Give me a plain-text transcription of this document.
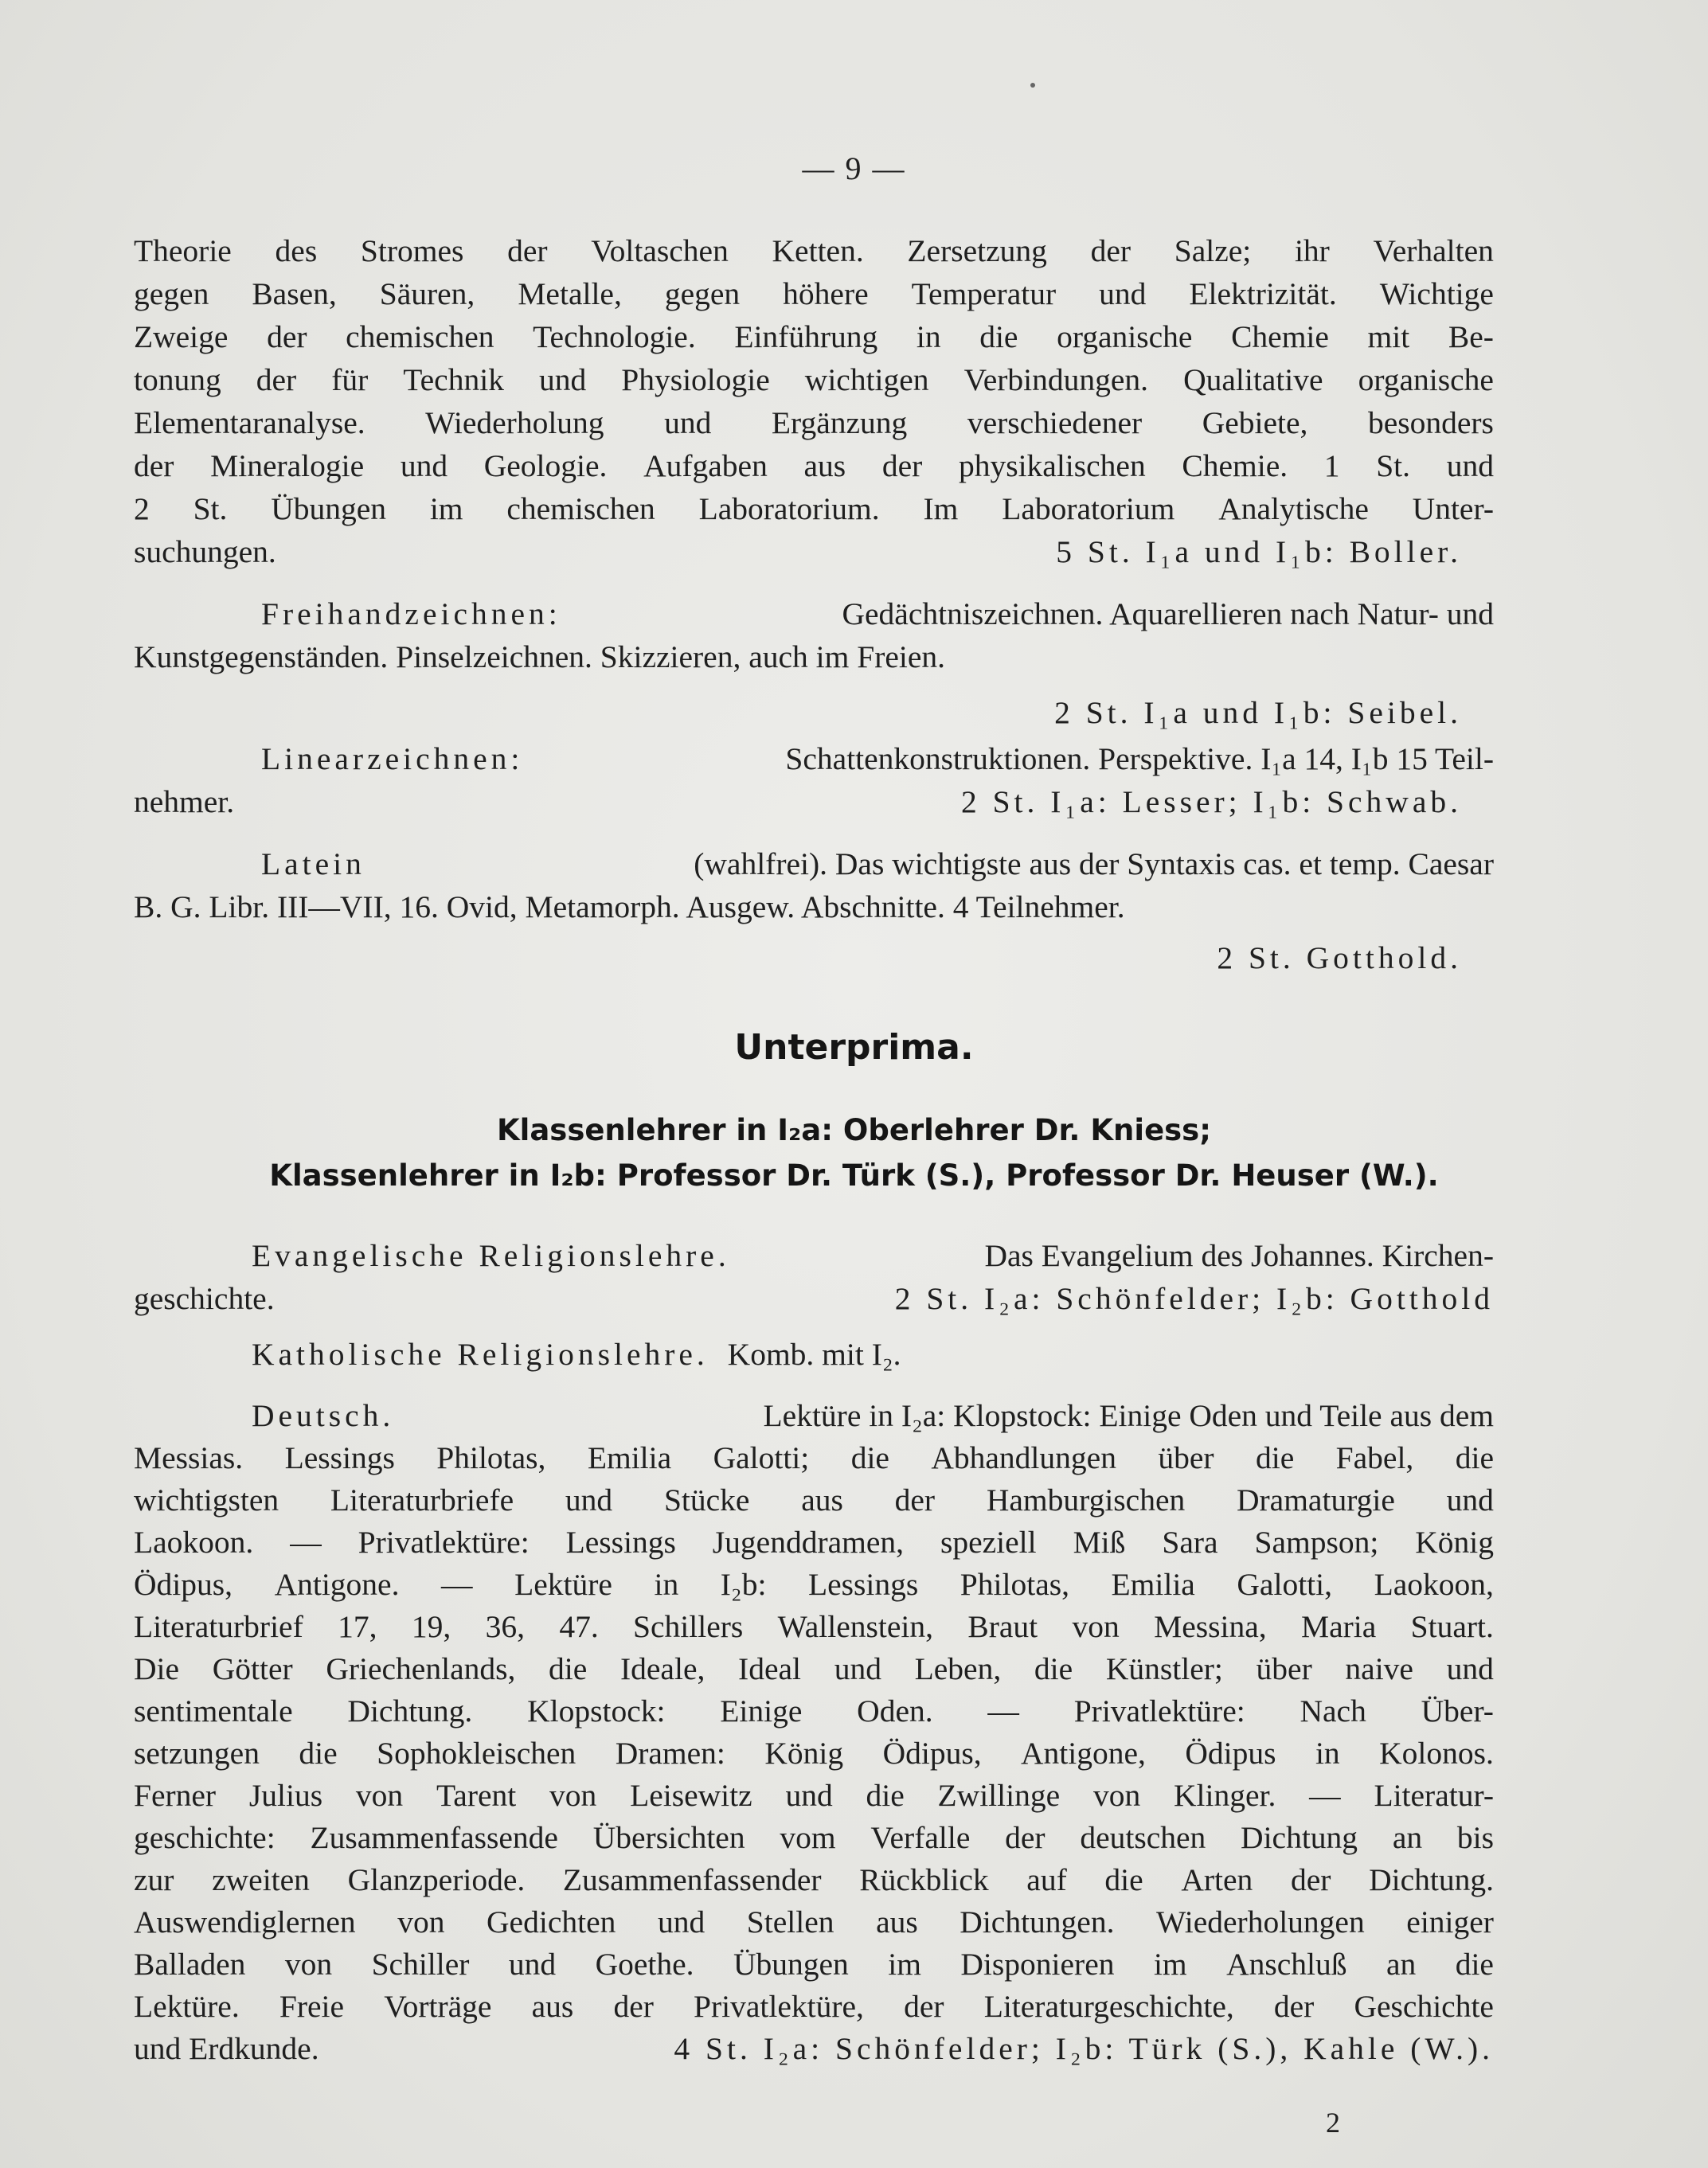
— 9 —
Theorie des Stromes der Voltaschen Ketten. Zersetzung der Salze; ihr Verhalten
gegen Basen, Säuren, Metalle, gegen höhere Temperatur und Elektrizität. Wichtige
Zweige der chemischen Technologie. Einführung in die organische Chemie mit Be-
tonung der für Technik und Physiologie wichtigen Verbindungen. Qualitative organische
Elementaranalyse. Wiederholung und Ergänzung verschiedener Gebiete, besonders
der Mineralogie und Geologie. Aufgaben aus der physikalischen Chemie. 1 St. und
2 St. Übungen im chemischen Laboratorium. Im Laboratorium Analytische Unter-
suchungen.	5 St. I₁a und I₁b: Boller.
Freihandzeichnen:	Gedächtniszeichnen. Aquarellieren nach Natur- und
Kunstgegenständen. Pinselzeichnen. Skizzieren, auch im Freien.
2 St. I₁a und I₁b: Seibel.
Linearzeichnen:	Schattenkonstruktionen. Perspektive. I₁a 14, I₁b 15 Teil-
nehmer.	2 St. I₁a: Lesser; I₁b: Schwab.
Latein	(wahlfrei). Das wichtigste aus der Syntaxis cas. et temp. Caesar
B. G. Libr. III—VII, 16. Ovid, Metamorph. Ausgew. Abschnitte. 4 Teilnehmer.
2 St. Gotthold.
Unterprima.
Klassenlehrer in I₂a: Oberlehrer Dr. Kniess;
Klassenlehrer in I₂b: Professor Dr. Türk (S.), Professor Dr. Heuser (W.).
Evangelische Religionslehre.	Das Evangelium des Johannes. Kirchen-
geschichte.	2 St. I₂a: Schönfelder; I₂b: Gotthold
Katholische Religionslehre. Komb. mit I₂.
Deutsch.	Lektüre in I₂a: Klopstock: Einige Oden und Teile aus dem
Messias. Lessings Philotas, Emilia Galotti; die Abhandlungen über die Fabel, die
wichtigsten Literaturbriefe und Stücke aus der Hamburgischen Dramaturgie und
Laokoon. — Privatlektüre: Lessings Jugenddramen, speziell Miß Sara Sampson; König
Ödipus, Antigone. — Lektüre in I₂b: Lessings Philotas, Emilia Galotti, Laokoon,
Literaturbrief 17, 19, 36, 47. Schillers Wallenstein, Braut von Messina, Maria Stuart.
Die Götter Griechenlands, die Ideale, Ideal und Leben, die Künstler; über naive und
sentimentale Dichtung. Klopstock: Einige Oden. — Privatlektüre: Nach Über-
setzungen die Sophokleischen Dramen: König Ödipus, Antigone, Ödipus in Kolonos.
Ferner Julius von Tarent von Leisewitz und die Zwillinge von Klinger. — Literatur-
geschichte: Zusammenfassende Übersichten vom Verfalle der deutschen Dichtung an bis
zur zweiten Glanzperiode. Zusammenfassender Rückblick auf die Arten der Dichtung.
Auswendiglernen von Gedichten und Stellen aus Dichtungen. Wiederholungen einiger
Balladen von Schiller und Goethe. Übungen im Disponieren im Anschluß an die
Lektüre. Freie Vorträge aus der Privatlektüre, der Literaturgeschichte, der Geschichte
und Erdkunde.	4 St. I₂a: Schönfelder; I₂b: Türk (S.), Kahle (W.).
2
